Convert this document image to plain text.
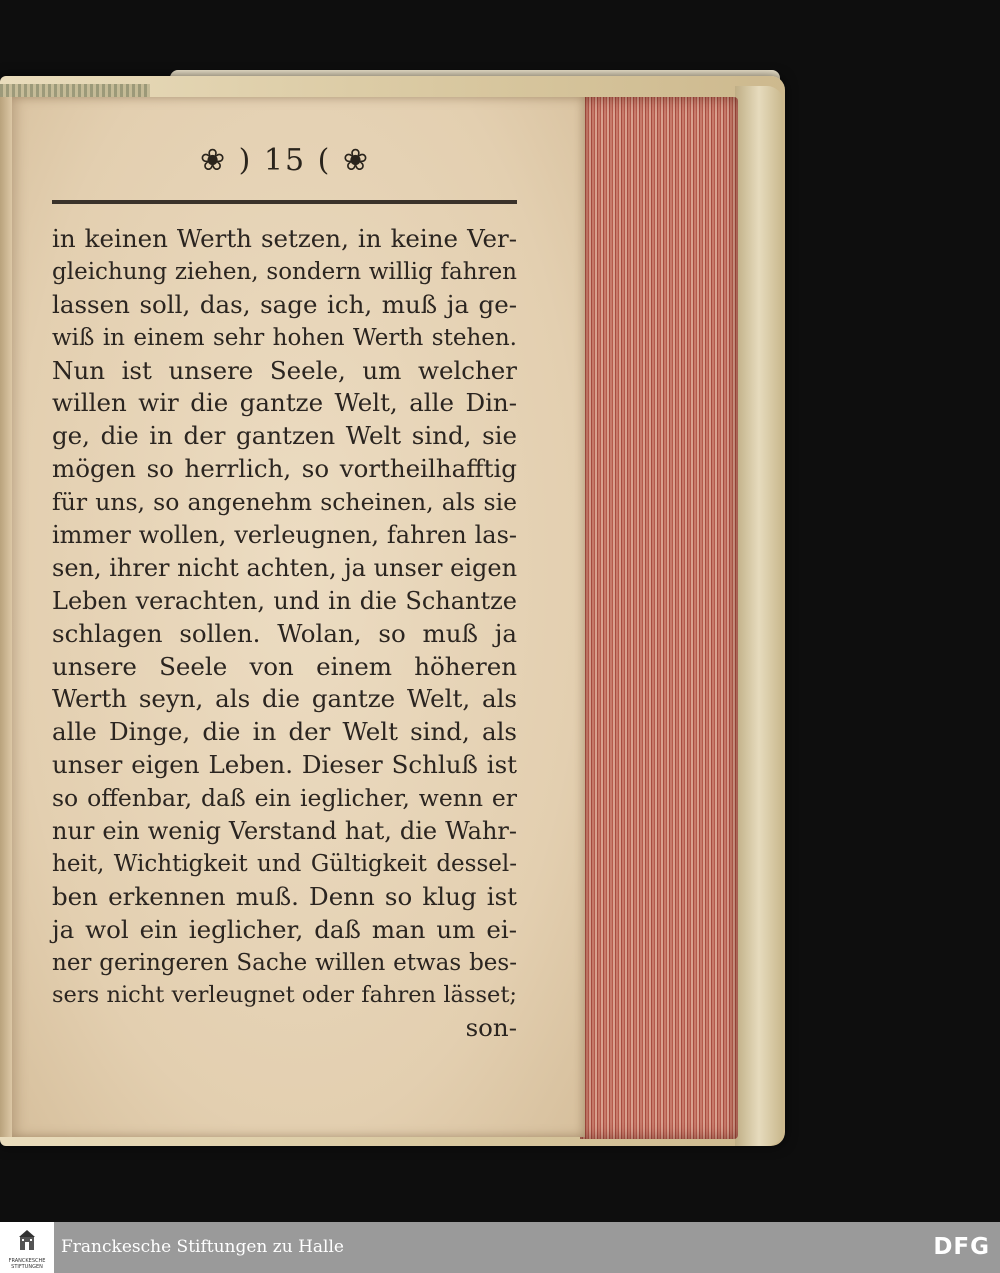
❀ ) 15 ( ❀
in keinen Werth setzen, in keine Ver-
gleichung ziehen, sondern willig fahren
lassen soll, das, sage ich, muß ja ge-
wiß in einem sehr hohen Werth stehen.
Nun ist unsere Seele, um welcher
willen wir die gantze Welt, alle Din-
ge, die in der gantzen Welt sind, sie
mögen so herrlich, so vortheilhafftig
für uns, so angenehm scheinen, als sie
immer wollen, verleugnen, fahren las-
sen, ihrer nicht achten, ja unser eigen
Leben verachten, und in die Schantze
schlagen sollen. Wolan, so muß ja
unsere Seele von einem höheren
Werth seyn, als die gantze Welt, als
alle Dinge, die in der Welt sind, als
unser eigen Leben. Dieser Schluß ist
so offenbar, daß ein ieglicher, wenn er
nur ein wenig Verstand hat, die Wahr-
heit, Wichtigkeit und Gültigkeit dessel-
ben erkennen muß. Denn so klug ist
ja wol ein ieglicher, daß man um ei-
ner geringeren Sache willen etwas bes-
sers nicht verleugnet oder fahren lässet;
son-
FRANCKESCHE STIFTUNGEN
Franckesche Stiftungen zu Halle	DFG
